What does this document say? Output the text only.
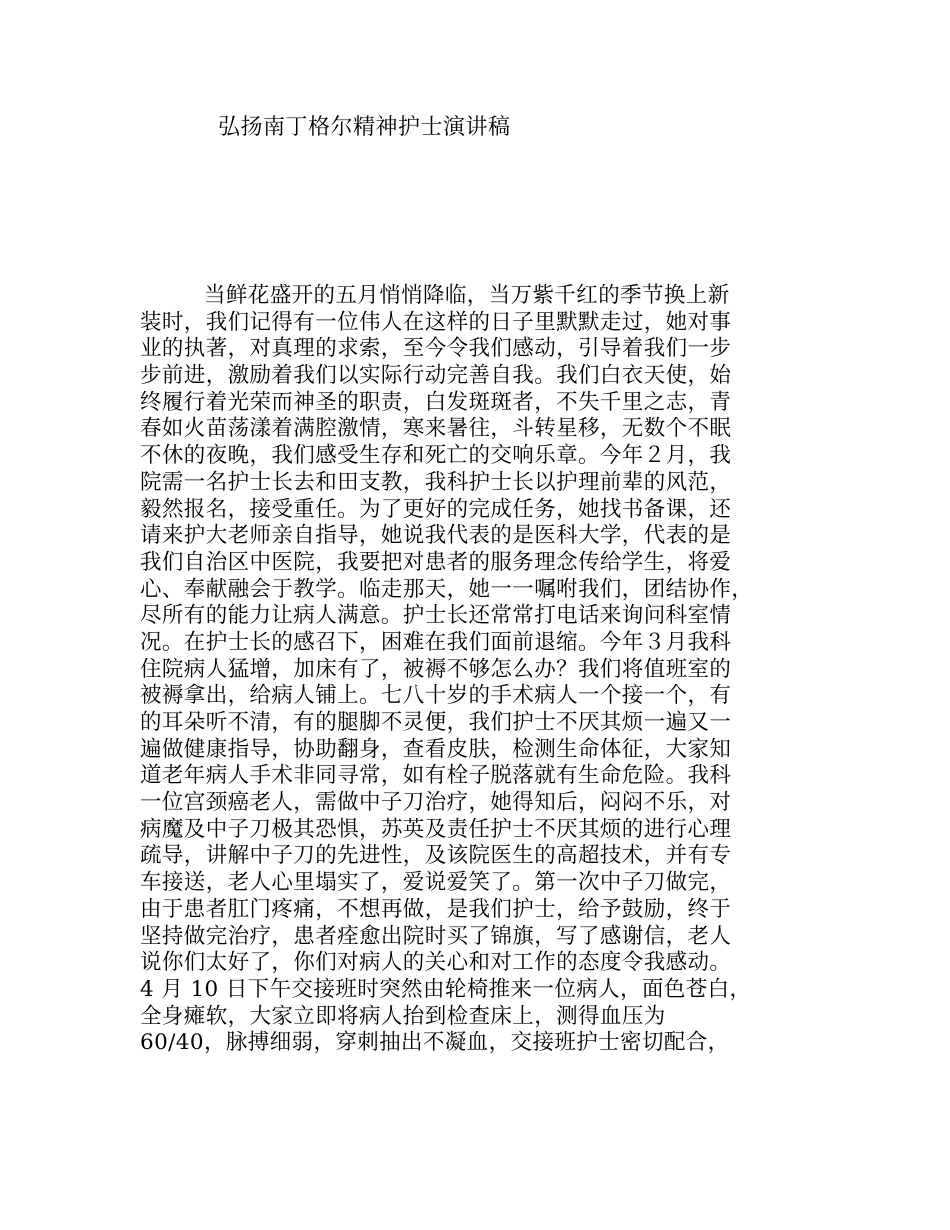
弘扬南丁格尔精神护士演讲稿
当鲜花盛开的五月悄悄降临，当万紫千红的季节换上新
装时，我们记得有一位伟人在这样的日子里默默走过，她对事
业的执著，对真理的求索，至今令我们感动，引导着我们一步
步前进，激励着我们以实际行动完善自我。我们白衣天使，始
终履行着光荣而神圣的职责，白发斑斑者，不失千里之志，青
春如火苗荡漾着满腔激情，寒来暑往，斗转星移，无数个不眠
不休的夜晚，我们感受生存和死亡的交响乐章。今年２月，我
院需一名护士长去和田支教，我科护士长以护理前辈的风范，
毅然报名，接受重任。为了更好的完成任务，她找书备课，还
请来护大老师亲自指导，她说我代表的是医科大学，代表的是
我们自治区中医院，我要把对患者的服务理念传给学生，将爱
心、奉献融会于教学。临走那天，她一一嘱咐我们，团结协作，
尽所有的能力让病人满意。护士长还常常打电话来询问科室情
况。在护士长的感召下，困难在我们面前退缩。今年３月我科
住院病人猛增，加床有了，被褥不够怎么办？我们将值班室的
被褥拿出，给病人铺上。七八十岁的手术病人一个接一个，有
的耳朵听不清，有的腿脚不灵便，我们护士不厌其烦一遍又一
遍做健康指导，协助翻身，查看皮肤，检测生命体征，大家知
道老年病人手术非同寻常，如有栓子脱落就有生命危险。我科
一位宫颈癌老人，需做中子刀治疗，她得知后，闷闷不乐，对
病魔及中子刀极其恐惧，苏英及责任护士不厌其烦的进行心理
疏导，讲解中子刀的先进性，及该院医生的高超技术，并有专
车接送，老人心里塌实了，爱说爱笑了。第一次中子刀做完，
由于患者肛门疼痛，不想再做，是我们护士，给予鼓励，终于
坚持做完治疗，患者痊愈出院时买了锦旗，写了感谢信，老人
说你们太好了，你们对病人的关心和对工作的态度令我感动。
4 月 10 日下午交接班时突然由轮椅推来一位病人，面色苍白，
全身瘫软，大家立即将病人抬到检查床上，测得血压为
60/40，脉搏细弱，穿刺抽出不凝血，交接班护士密切配合，
